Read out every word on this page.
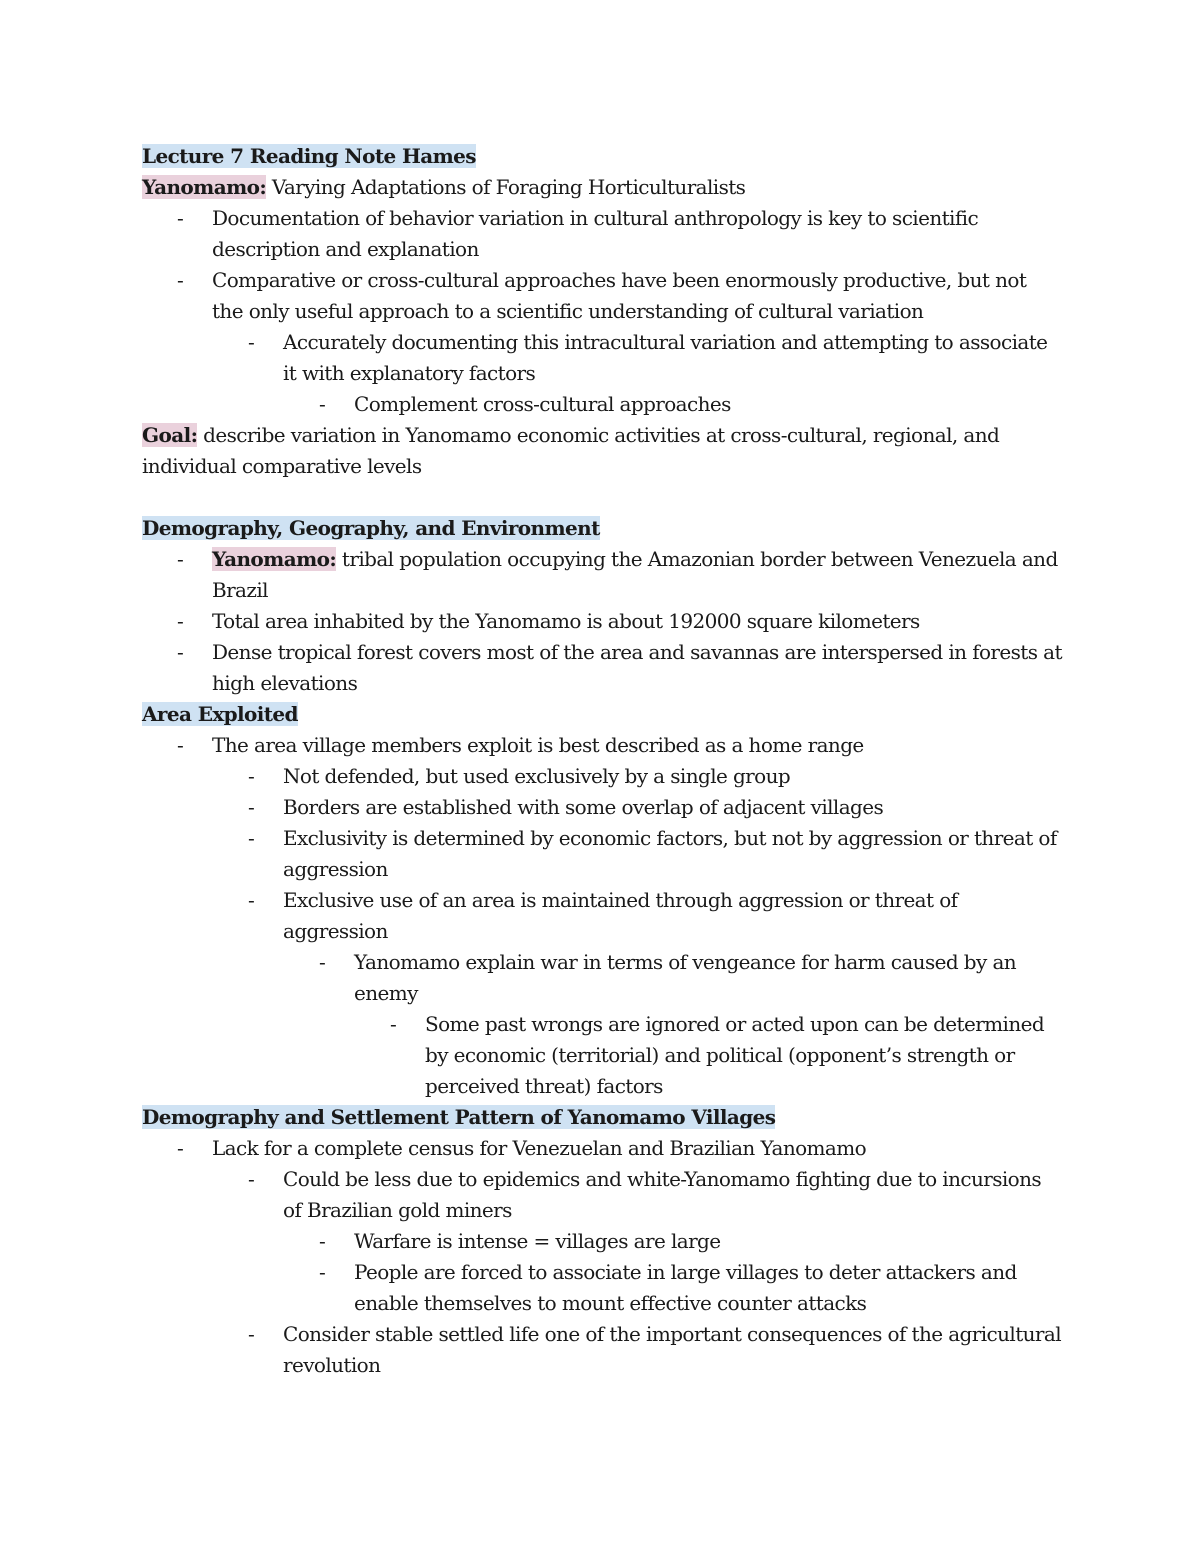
Lecture 7 Reading Note Hames

Yanomamo: Varying Adaptations of Foraging Horticulturalists

- Documentation of behavior variation in cultural anthropology is key to scientific description and explanation
- Comparative or cross-cultural approaches have been enormously productive, but not the only useful approach to a scientific understanding of cultural variation
- Accurately documenting this intracultural variation and attempting to associate it with explanatory factors
- Complement cross-cultural approaches
Goal: describe variation in Yanomamo economic activities at cross-cultural, regional, and individual comparative levels

Demography, Geography, and Environment

- Yanomamo: tribal population occupying the Amazonian border between Venezuela and Brazil
- Total area inhabited by the Yanomamo is about 192000 square kilometers
- Dense tropical forest covers most of the area and savannas are interspersed in forests at high elevations

Area Exploited

- The area village members exploit is best described as a home range
- Not defended, but used exclusively by a single group
- Borders are established with some overlap of adjacent villages
- Exclusivity is determined by economic factors, but not by aggression or threat of aggression
- Exclusive use of an area is maintained through aggression or threat of aggression
- Yanomamo explain war in terms of vengeance for harm caused by an enemy
- Some past wrongs are ignored or acted upon can be determined by economic (territorial) and political (opponent’s strength or perceived threat) factors

Demography and Settlement Pattern of Yanomamo Villages

- Lack for a complete census for Venezuelan and Brazilian Yanomamo
- Could be less due to epidemics and white-Yanomamo fighting due to incursions of Brazilian gold miners
- Warfare is intense = villages are large
- People are forced to associate in large villages to deter attackers and enable themselves to mount effective counter attacks
- Consider stable settled life one of the important consequences of the agricultural revolution
